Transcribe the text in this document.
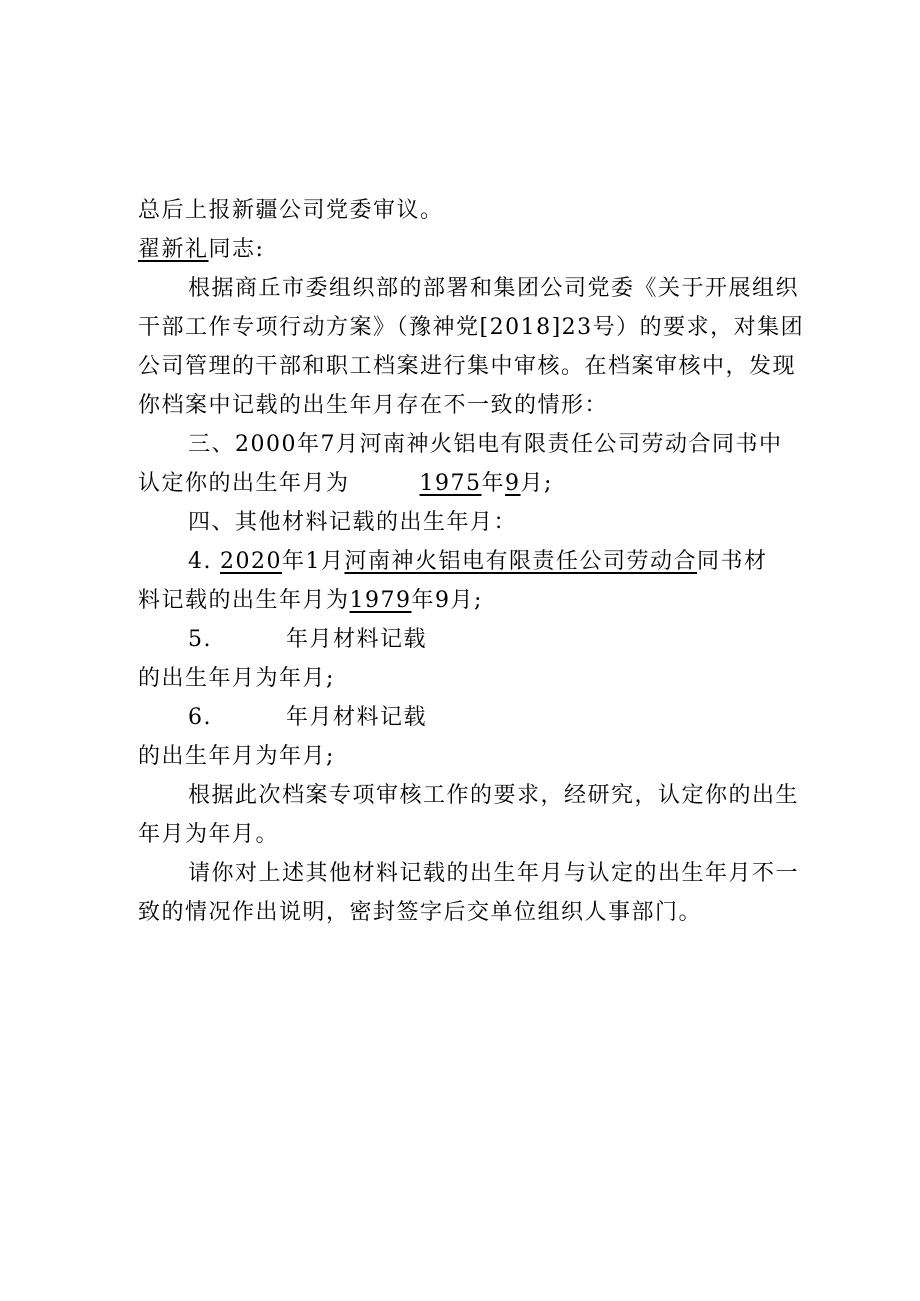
总后上报新疆公司党委审议。
翟新礼同志:
根据商丘市委组织部的部署和集团公司党委《关于开展组织
干部工作专项行动方案》（豫神党[2018]23号）的要求，对集团
公司管理的干部和职工档案进行集中审核。在档案审核中，发现
你档案中记载的出生年月存在不一致的情形：
三、2000年7月河南神火铝电有限责任公司劳动合同书中
认定你的出生年月为	1975年9月;
四、其他材料记载的出生年月：
4. 2020年1月河南神火铝电有限责任公司劳动合同书材
料记载的出生年月为1979年9月;
5.	年月材料记载
的出生年月为年月;
6.	年月材料记载
的出生年月为年月;
根据此次档案专项审核工作的要求，经研究，认定你的出生
年月为年月。
请你对上述其他材料记载的出生年月与认定的出生年月不一
致的情况作出说明，密封签字后交单位组织人事部门。
